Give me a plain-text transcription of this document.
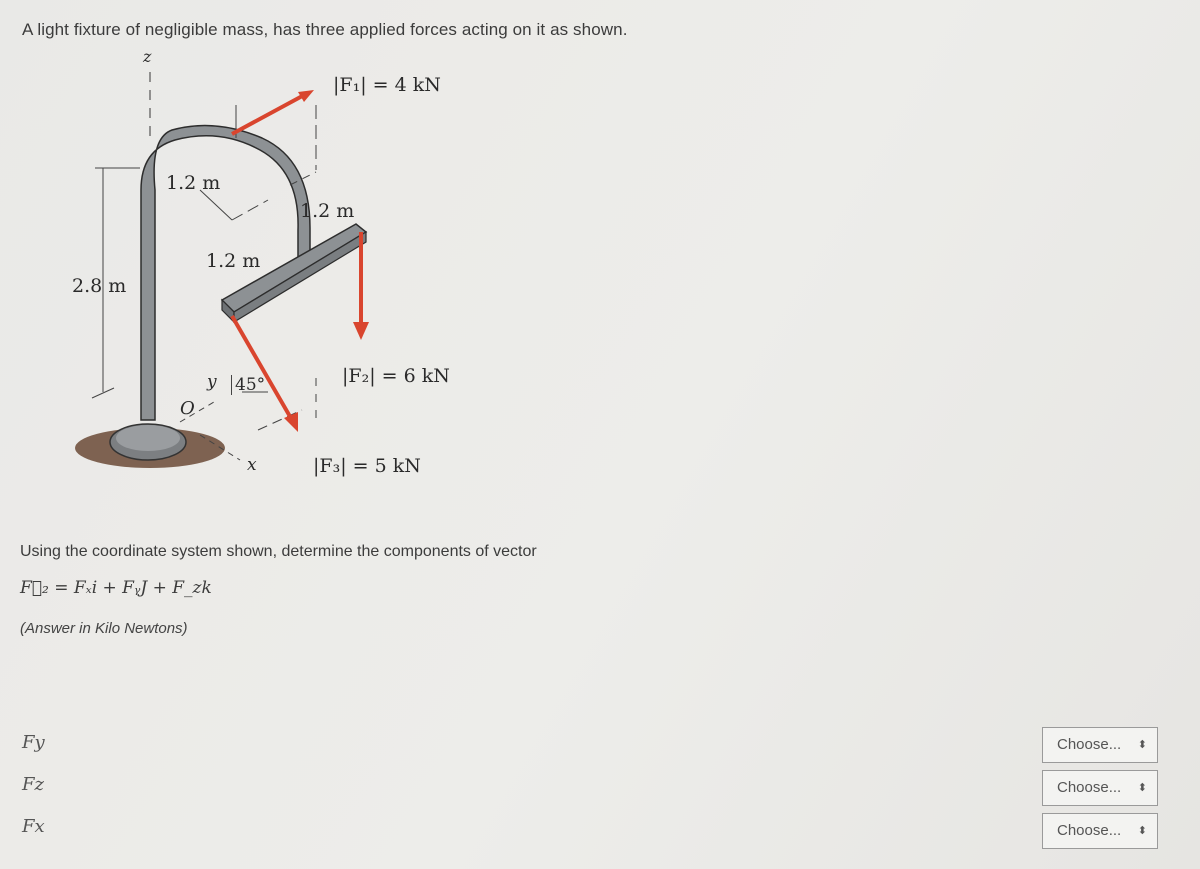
A light fixture of negligible mass, has three applied forces acting on it as shown.
z
1.2 m
1.2 m
1.2 m
2.8 m
y 45°
O
x
|F₁| = 4 kN
|F₂| = 6 kN
|F₃| = 5 kN
Using the coordinate system shown, determine the components of vector
F⃗₂ = Fₓi + FᵧJ + F_zk
(Answer in Kilo Newtons)
Fy
Fz
Fx
Choose... ⬍
Choose... ⬍
Choose... ⬍
